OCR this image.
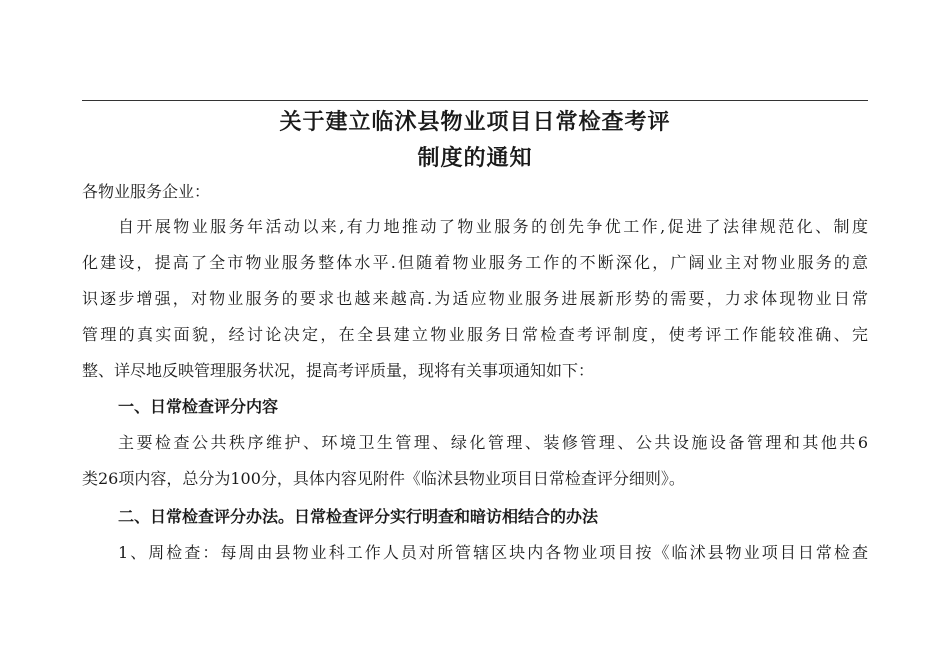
关于建立临沭县物业项目日常检查考评
制度的通知
各物业服务企业：
自开展物业服务年活动以来,有力地推动了物业服务的创先争优工作,促进了法律规范化、制度
化建设，提高了全市物业服务整体水平.但随着物业服务工作的不断深化，广阔业主对物业服务的意
识逐步增强，对物业服务的要求也越来越高.为适应物业服务进展新形势的需要，力求体现物业日常
管理的真实面貌，经讨论决定，在全县建立物业服务日常检查考评制度，使考评工作能较准确、完
整、详尽地反映管理服务状况，提高考评质量，现将有关事项通知如下：
一、日常检查评分内容
主要检查公共秩序维护、环境卫生管理、绿化管理、装修管理、公共设施设备管理和其他共6
类26项内容，总分为100分，具体内容见附件《临沭县物业项目日常检查评分细则》。
二、日常检查评分办法。日常检查评分实行明查和暗访相结合的办法
1、周检查：每周由县物业科工作人员对所管辖区块内各物业项目按《临沭县物业项目日常检查
